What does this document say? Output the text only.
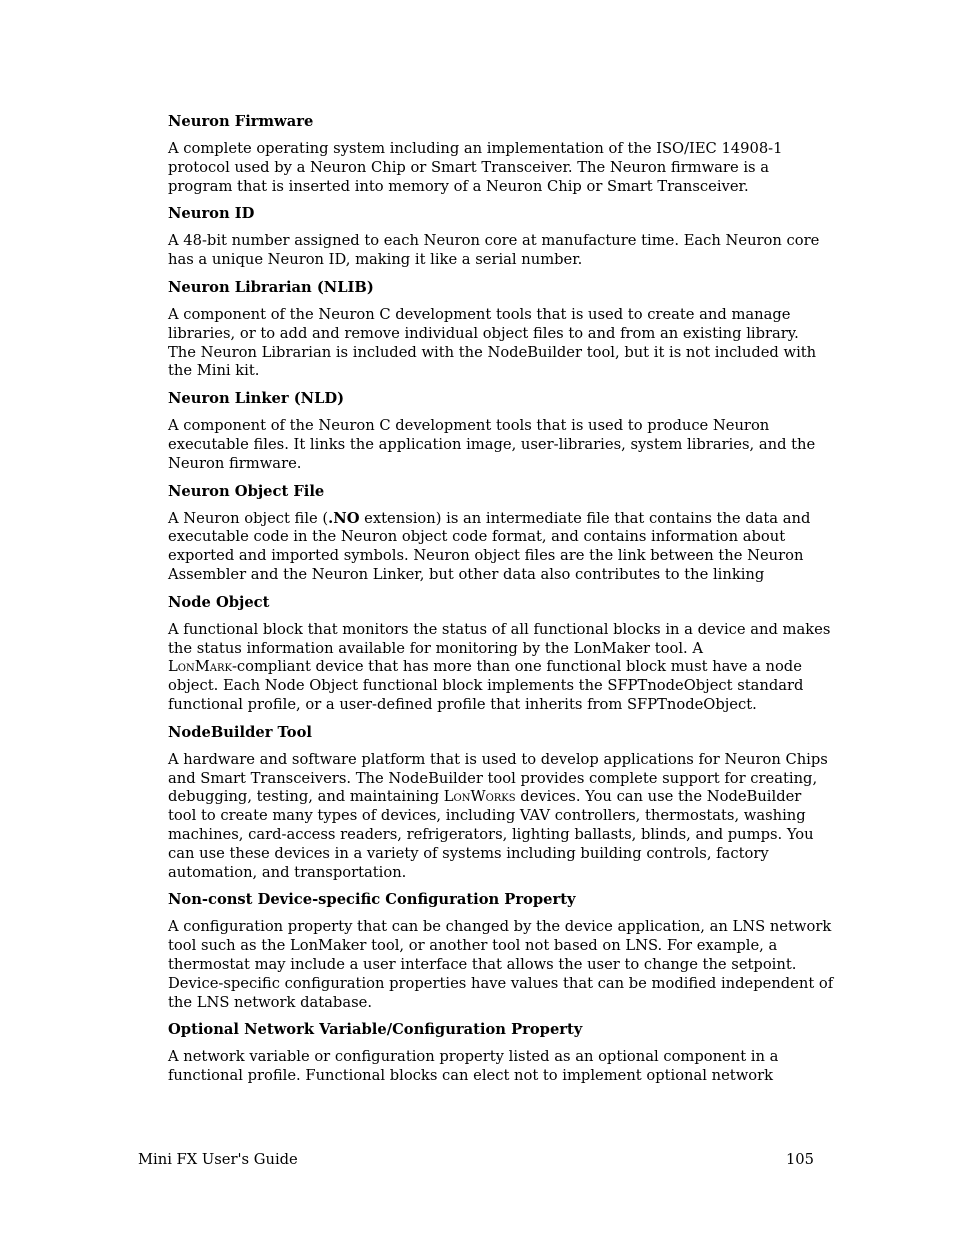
Neuron Firmware
A complete operating system including an implementation of the ISO/IEC 14908-1
protocol used by a Neuron Chip or Smart Transceiver. The Neuron firmware is a
program that is inserted into memory of a Neuron Chip or Smart Transceiver.
Neuron ID
A 48-bit number assigned to each Neuron core at manufacture time. Each Neuron core
has a unique Neuron ID, making it like a serial number.
Neuron Librarian (NLIB)
A component of the Neuron C development tools that is used to create and manage
libraries, or to add and remove individual object files to and from an existing library.
The Neuron Librarian is included with the NodeBuilder tool, but it is not included with
the Mini kit.
Neuron Linker (NLD)
A component of the Neuron C development tools that is used to produce Neuron
executable files. It links the application image, user-libraries, system libraries, and the
Neuron firmware.
Neuron Object File
A Neuron object file (.NO extension) is an intermediate file that contains the data and
executable code in the Neuron object code format, and contains information about
exported and imported symbols. Neuron object files are the link between the Neuron
Assembler and the Neuron Linker, but other data also contributes to the linking
Node Object
A functional block that monitors the status of all functional blocks in a device and makes
the status information available for monitoring by the LonMaker tool. A
LonMark-compliant device that has more than one functional block must have a node
object. Each Node Object functional block implements the SFPTnodeObject standard
functional profile, or a user-defined profile that inherits from SFPTnodeObject.
NodeBuilder Tool
A hardware and software platform that is used to develop applications for Neuron Chips
and Smart Transceivers. The NodeBuilder tool provides complete support for creating,
debugging, testing, and maintaining LonWorks devices. You can use the NodeBuilder
tool to create many types of devices, including VAV controllers, thermostats, washing
machines, card-access readers, refrigerators, lighting ballasts, blinds, and pumps. You
can use these devices in a variety of systems including building controls, factory
automation, and transportation.
Non-const Device-specific Configuration Property
A configuration property that can be changed by the device application, an LNS network
tool such as the LonMaker tool, or another tool not based on LNS. For example, a
thermostat may include a user interface that allows the user to change the setpoint.
Device-specific configuration properties have values that can be modified independent of
the LNS network database.
Optional Network Variable/Configuration Property
A network variable or configuration property listed as an optional component in a
functional profile. Functional blocks can elect not to implement optional network
Mini FX User's Guide	105
